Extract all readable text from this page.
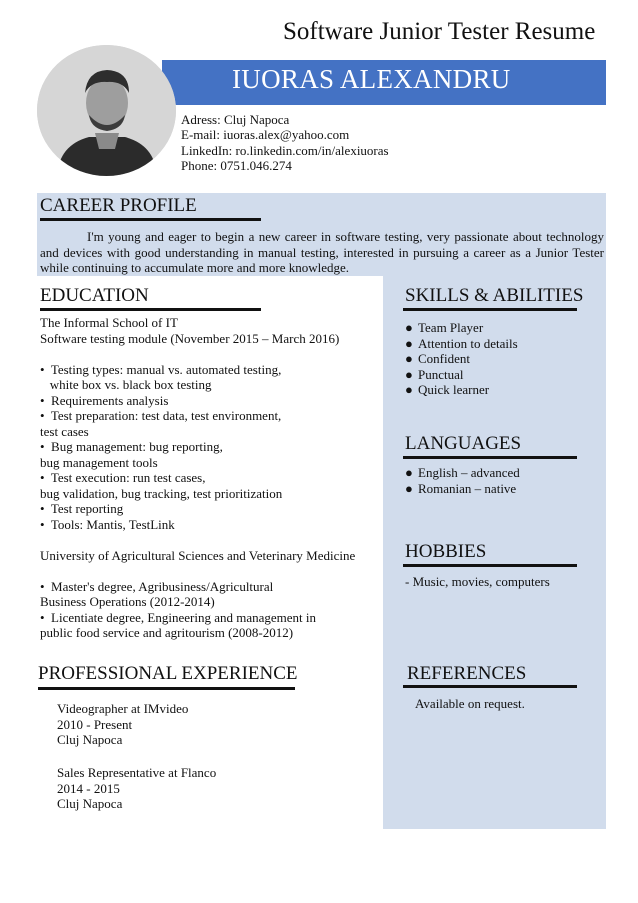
Software Junior Tester Resume
IUORAS ALEXANDRU
Adress: Cluj Napoca
E-mail: iuoras.alex@yahoo.com
LinkedIn: ro.linkedin.com/in/alexiuoras
Phone: 0751.046.274
CAREER PROFILE
I'm young and eager to begin a new career in software testing, very passionate about technology and devices with good understanding in manual testing, interested in pursuing a career as a Junior Tester while continuing to accumulate more and more knowledge.
EDUCATION
The Informal School of IT
Software testing module (November 2015 – March 2016)
•  Testing types: manual vs. automated testing,
white box vs. black box testing
•  Requirements analysis
•  Test preparation: test data, test environment,
test cases
•  Bug management: bug reporting,
bug management tools
•  Test execution: run test cases,
bug validation, bug tracking, test prioritization
•  Test reporting
•  Tools: Mantis, TestLink
University of Agricultural Sciences and Veterinary Medicine
•  Master's degree, Agribusiness/Agricultural
Business Operations (2012-2014)
•  Licentiate degree, Engineering and management in
public food service and agritourism (2008-2012)
PROFESSIONAL EXPERIENCE
Videographer at IMvideo
2010 - Present
Cluj Napoca
Sales Representative at Flanco
2014 - 2015
Cluj Napoca
SKILLS & ABILITIES
● Team Player
● Attention to details
● Confident
● Punctual
● Quick learner
LANGUAGES
● English – advanced
● Romanian – native
HOBBIES
- Music, movies, computers
REFERENCES
Available on request.
